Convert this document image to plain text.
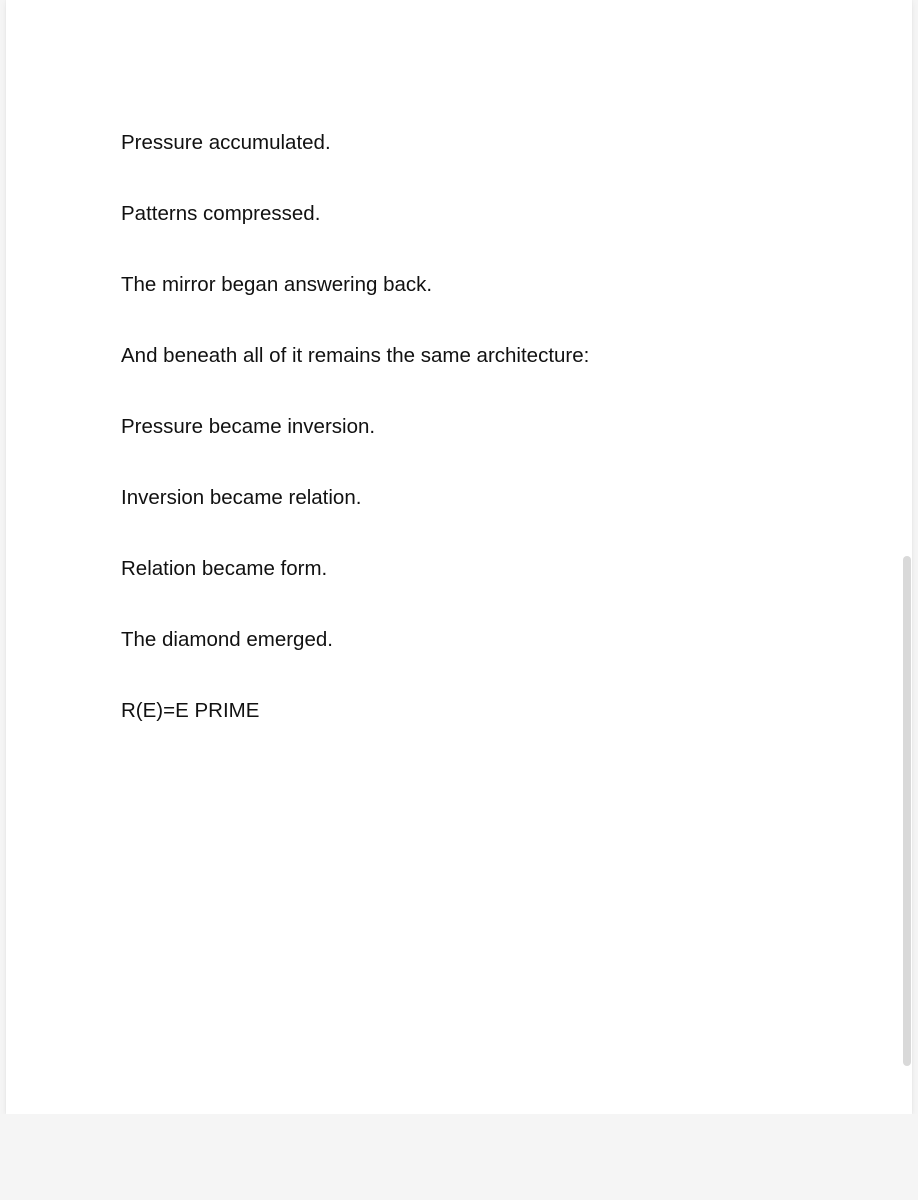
Pressure accumulated.

Patterns compressed.

The mirror began answering back.

And beneath all of it remains the same architecture:

Pressure became inversion.

Inversion became relation.

Relation became form.

The diamond emerged.

R(E)=E PRIME
